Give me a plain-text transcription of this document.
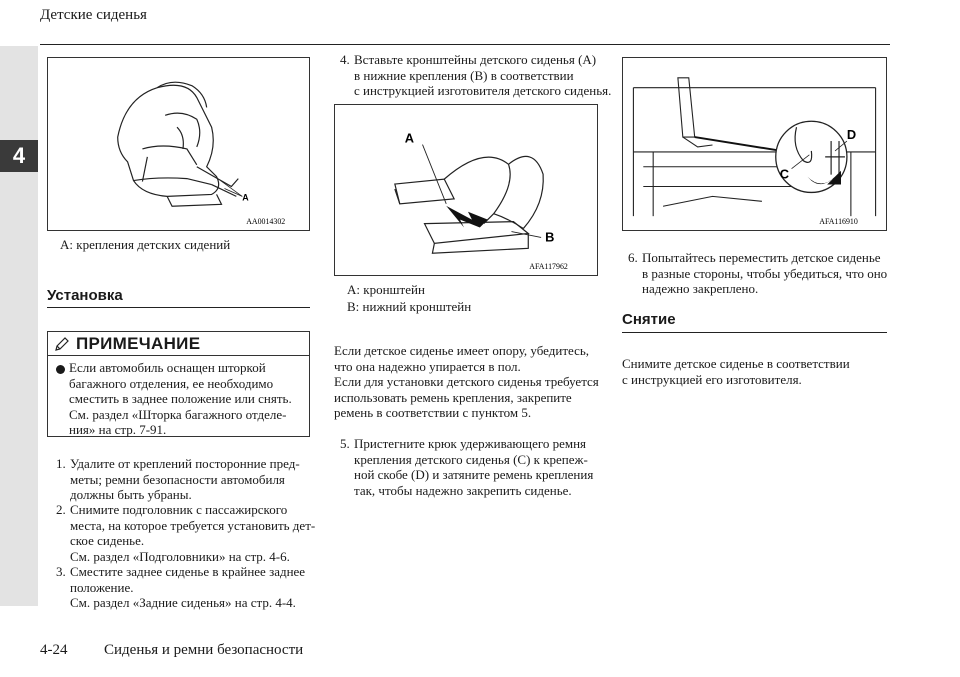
Детские сиденья
4
A
AA0014302
A: крепления детских сидений
Установка
ПРИМЕЧАНИЕ
Если автомобиль оснащен шторкой
багажного отделения, ее необходимо
сместить в заднее положение или снять.
См. раздел «Шторка багажного отделе-
ния» на стр. 7-91.
1. Удалите от креплений посторонние пред-
меты; ремни безопасности автомобиля
должны быть убраны.
2. Снимите подголовник с пассажирского
места, на которое требуется установить дет-
ское сиденье.
См. раздел «Подголовники» на стр. 4-6.
3. Сместите заднее сиденье в крайнее заднее
положение.
См. раздел «Задние сиденья» на стр. 4-4.
4. Вставьте кронштейны детского сиденья (A)
в нижние крепления (B) в соответствии
с инструкцией изготовителя детского сиденья.
A
B
AFA117962
A: кронштейн
B: нижний кронштейн
Если детское сиденье имеет опору, убедитесь,
что она надежно упирается в пол.
Если для установки детского сиденья требуется
использовать ремень крепления, закрепите
ремень в соответствии с пунктом 5.
5. Пристегните крюк удерживающего ремня
крепления детского сиденья (C) к крепеж-
ной скобе (D) и затяните ремень крепления
так, чтобы надежно закрепить сиденье.
C
D
AFA116910
6. Попытайтесь переместить детское сиденье
в разные стороны, чтобы убедиться, что оно
надежно закреплено.
Снятие
Снимите детское сиденье в соответствии
с инструкцией его изготовителя.
4-24 Сиденья и ремни безопасности
